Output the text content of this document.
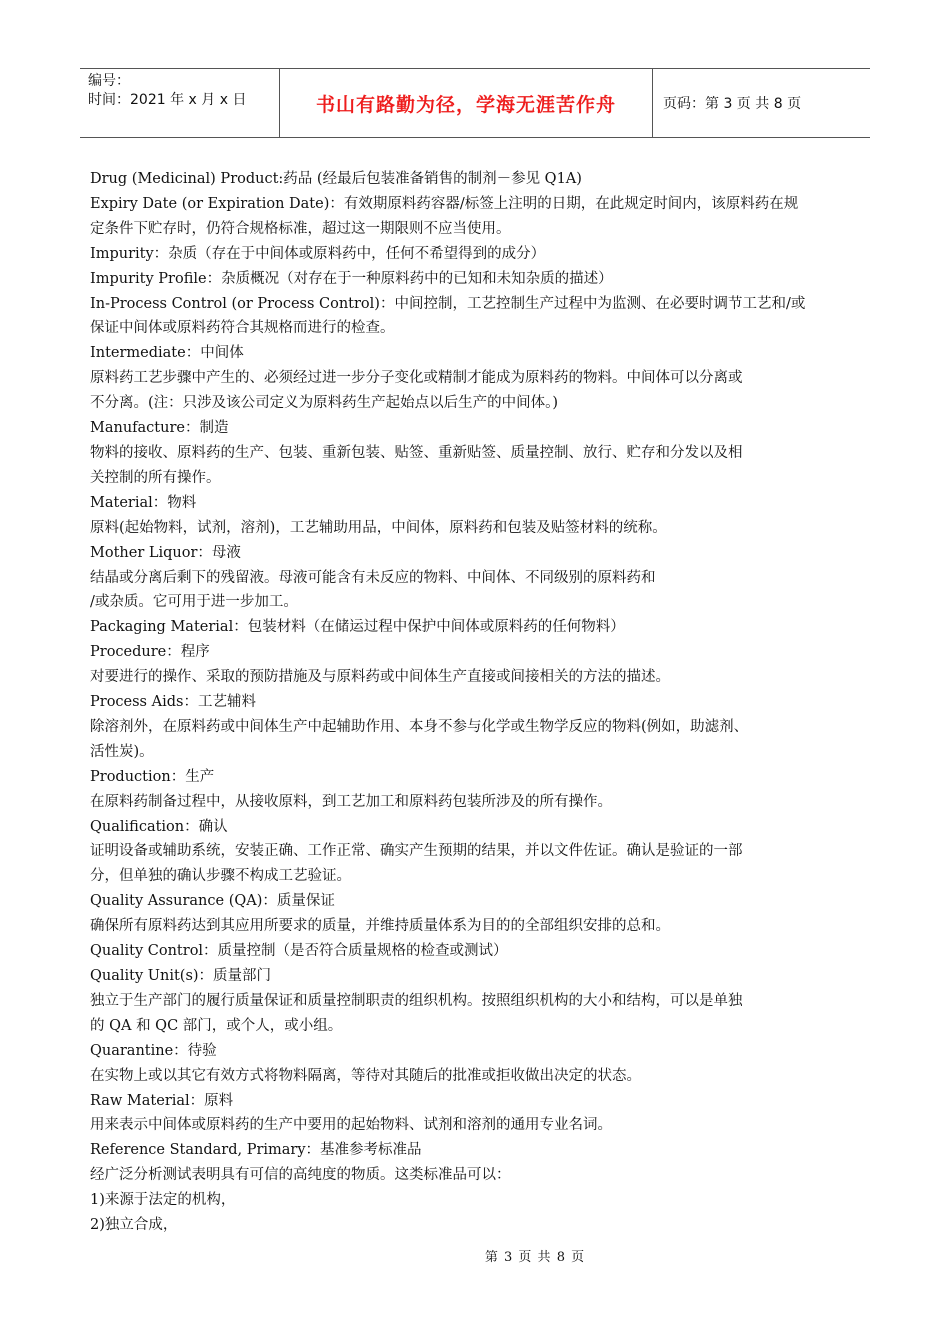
编号：
时间：2021 年 x 月 x 日	书山有路勤为径，学海无涯苦作舟	页码：第 3 页 共 8 页

Drug (Medicinal) Product:药品 (经最后包装准备销售的制剂－参见 Q1A)

Expiry Date (or Expiration Date)：有效期原料药容器/标签上注明的日期，在此规定时间内，该原料药在规

定条件下贮存时，仍符合规格标准，超过这一期限则不应当使用。

Impurity：杂质（存在于中间体或原料药中，任何不希望得到的成分）

Impurity Profile：杂质概况（对存在于一种原料药中的已知和未知杂质的描述）

In-Process Control (or Process Control)：中间控制，工艺控制生产过程中为监测、在必要时调节工艺和/或

保证中间体或原料药符合其规格而进行的检查。

Intermediate：中间体

原料药工艺步骤中产生的、必须经过进一步分子变化或精制才能成为原料药的物料。中间体可以分离或

不分离。(注：只涉及该公司定义为原料药生产起始点以后生产的中间体。)

Manufacture：制造

物料的接收、原料药的生产、包装、重新包装、贴签、重新贴签、质量控制、放行、贮存和分发以及相

关控制的所有操作。

Material：物料

原料(起始物料，试剂，溶剂)，工艺辅助用品，中间体，原料药和包装及贴签材料的统称。

Mother Liquor：母液

结晶或分离后剩下的残留液。母液可能含有未反应的物料、中间体、不同级别的原料药和

/或杂质。它可用于进一步加工。

Packaging Material：包装材料（在储运过程中保护中间体或原料药的任何物料）

Procedure：程序

对要进行的操作、采取的预防措施及与原料药或中间体生产直接或间接相关的方法的描述。

Process Aids：工艺辅料

除溶剂外，在原料药或中间体生产中起辅助作用、本身不参与化学或生物学反应的物料(例如，助滤剂、

活性炭)。

Production：生产

在原料药制备过程中，从接收原料，到工艺加工和原料药包装所涉及的所有操作。

Qualification：确认

证明设备或辅助系统，安装正确、工作正常、确实产生预期的结果，并以文件佐证。确认是验证的一部

分，但单独的确认步骤不构成工艺验证。

Quality Assurance (QA)：质量保证

确保所有原料药达到其应用所要求的质量，并维持质量体系为目的的全部组织安排的总和。

Quality Control：质量控制（是否符合质量规格的检查或测试）

Quality Unit(s)：质量部门

独立于生产部门的履行质量保证和质量控制职责的组织机构。按照组织机构的大小和结构，可以是单独

的 QA 和 QC 部门，或个人，或小组。

Quarantine：待验

在实物上或以其它有效方式将物料隔离，等待对其随后的批准或拒收做出决定的状态。

Raw Material：原料

用来表示中间体或原料药的生产中要用的起始物料、试剂和溶剂的通用专业名词。

Reference Standard, Primary：基准参考标准品

经广泛分析测试表明具有可信的高纯度的物质。这类标准品可以：

1)来源于法定的机构，

2)独立合成，

第 3 页 共 8 页
